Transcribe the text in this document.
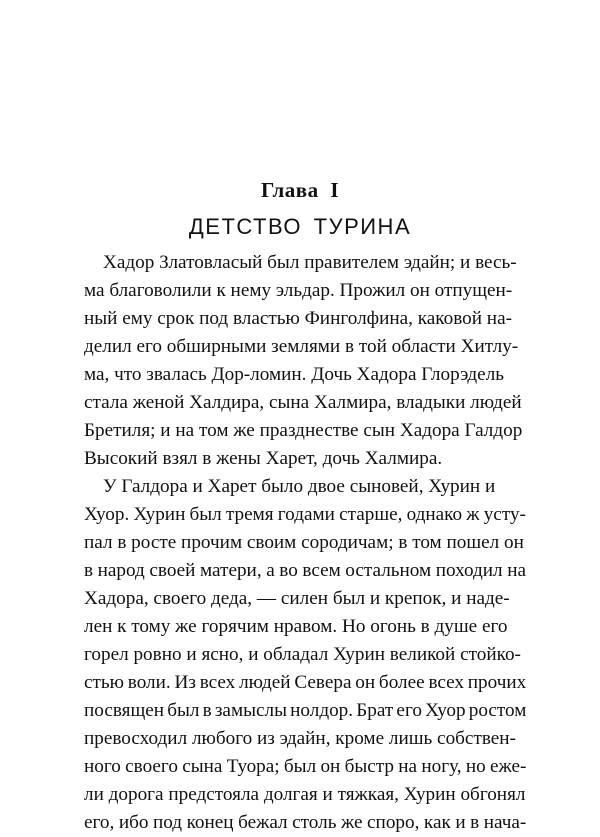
Глава I
ДЕТСТВО ТУРИНА
Хадор Златовласый был правителем эдайн; и весь-
ма благоволили к нему эльдар. Прожил он отпущен-
ный ему срок под властью Финголфина, каковой на-
делил его обширными землями в той области Хитлу-
ма, что звалась Дор-ломин. Дочь Хадора Глорэдель
стала женой Халдира, сына Халмира, владыки людей
Бретиля; и на том же празднестве сын Хадора Галдор
Высокий взял в жены Харет, дочь Халмира.
У Галдора и Харет было двое сыновей, Хурин и
Хуор. Хурин был тремя годами старше, однако ж усту-
пал в росте прочим своим сородичам; в том пошел он
в народ своей матери, а во всем остальном походил на
Хадора, своего деда, — силен был и крепок, и наде-
лен к тому же горячим нравом. Но огонь в душе его
горел ровно и ясно, и обладал Хурин великой стойко-
стью воли. Из всех людей Севера он более всех прочих
посвящен был в замыслы нолдор. Брат его Хуор ростом
превосходил любого из эдайн, кроме лишь собствен-
ного своего сына Туора; был он быстр на ногу, но еже-
ли дорога предстояла долгая и тяжкая, Хурин обгонял
его, ибо под конец бежал столь же споро, как и в нача-
